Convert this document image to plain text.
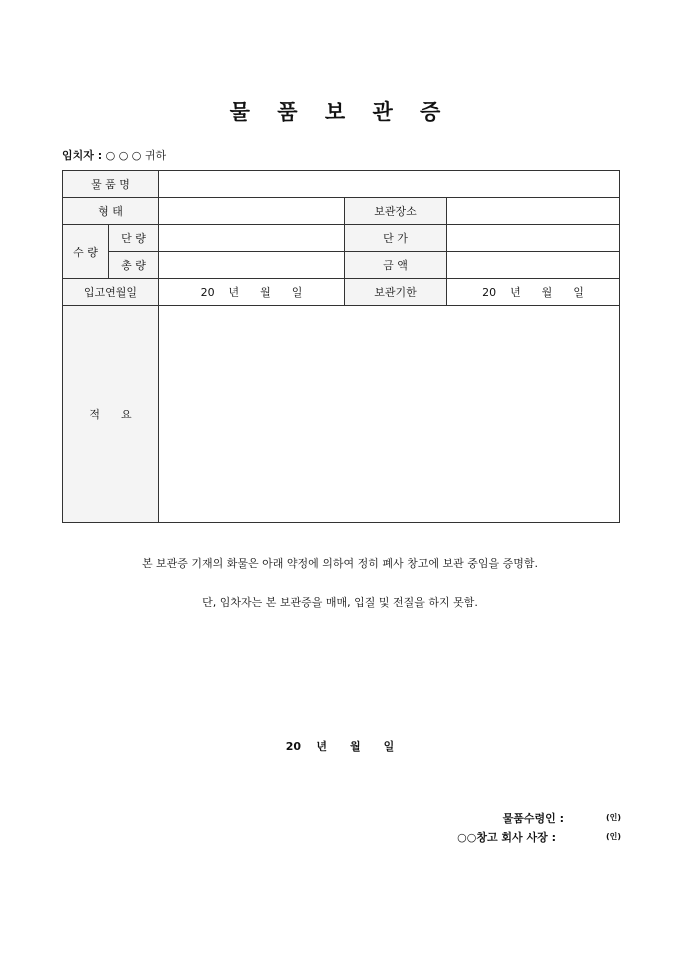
물 품 보 관 증
임치자 : ○ ○ ○ 귀하
물 품 명				
형 태			보관장소	
수 량	단 량		단 가	
	총 량		금 액	
입고연월일		20    년      월      일	보관기한	20    년      월      일
적      요				
본 보관증 기재의 화물은 아래 약정에 의하여 정히 폐사 창고에 보관 중임을 증명함.
단, 임차자는 본 보관증을 매매, 입질 및 전질을 하지 못함.
20    년      월      일
물품수령인 :	(인)
○○창고 회사 사장 :	(인)
